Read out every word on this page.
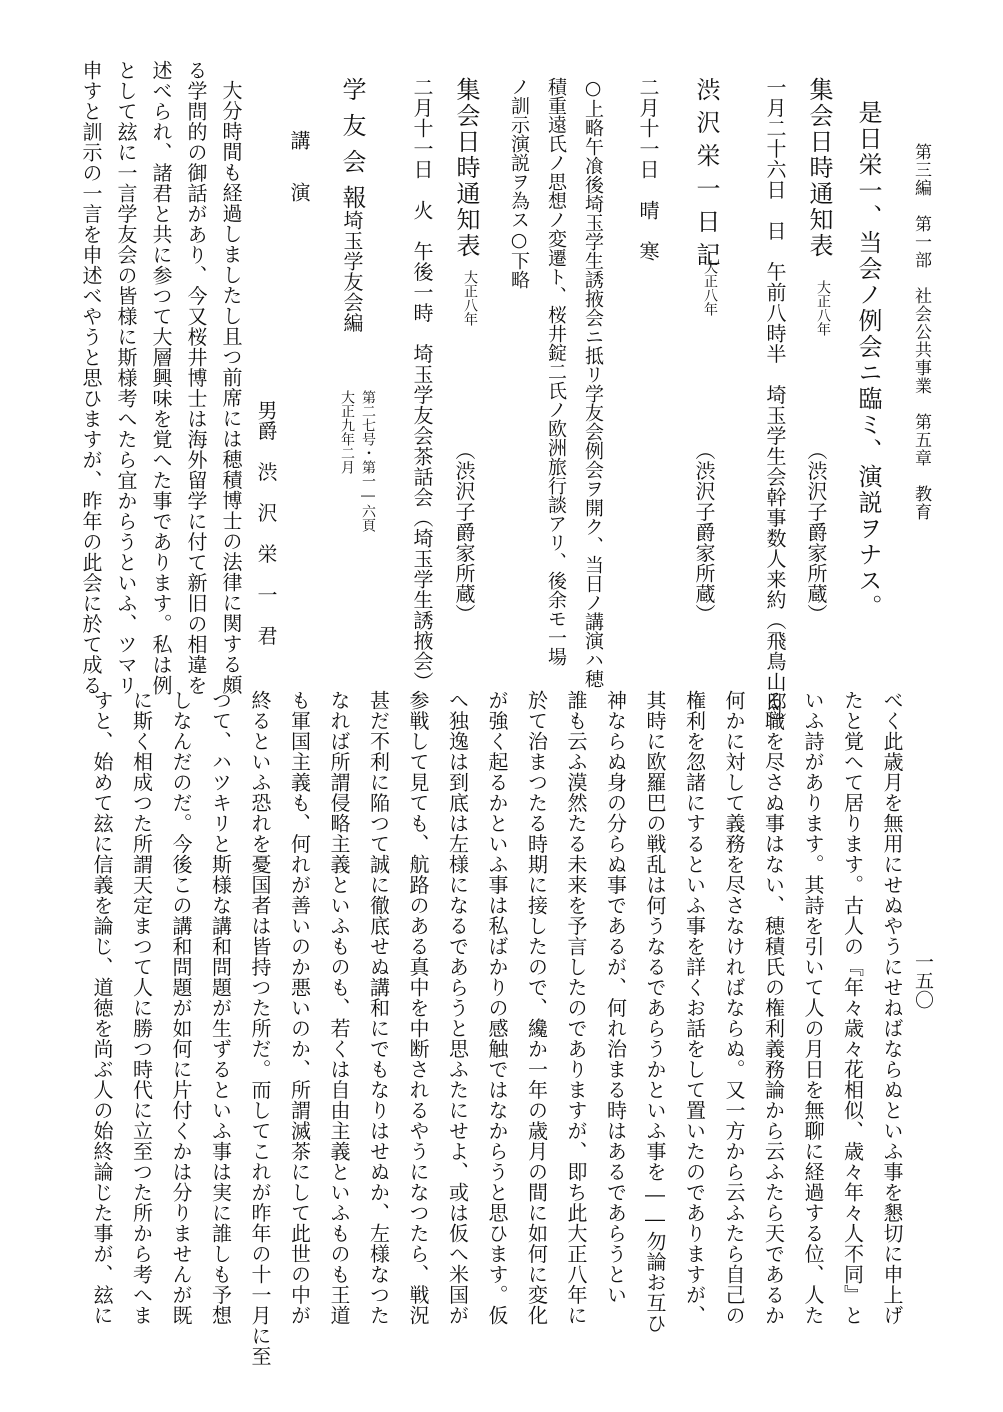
第三編　第一部　社会公共事業　第五章　教育
一五〇
是日栄一、当会ノ例会ニ臨ミ、演説ヲナス。
集会日時通知表
大正八年
（渋沢子爵家所蔵）
一月二十六日　日　午前八時半　埼玉学生会幹事数人来約（飛鳥山邸）
渋沢栄一日記
大正八年
（渋沢子爵家所蔵）
二月十一日　晴　寒
○上略午飡後埼玉学生誘掖会ニ抵リ学友会例会ヲ開ク、当日ノ講演ハ穂
積重遠氏ノ思想ノ変遷ト、桜井錠二氏ノ欧洲旅行談アリ、後余モ一場
ノ訓示演説ヲ為ス○下略
集会日時通知表
大正八年
（渋沢子爵家所蔵）
二月十一日　火　午後一時　埼玉学友会茶話会（埼玉学生誘掖会）
学友会報
埼玉学友会編
第二七号・第一―六頁
大正九年二月
講　演
男爵　渋　沢　栄　一　君
大分時間も経過しましたし且つ前席には穂積博士の法律に関する頗
る学問的の御話があり、今又桜井博士は海外留学に付て新旧の相違を
述べられ、諸君と共に参つて大層興味を覚へた事であります。私は例
として玆に一言学友会の皆様に斯様考へたら宜からうといふ、ツマリ
申すと訓示の一言を申述べやうと思ひますが、昨年の此会に於て成る
べく此歳月を無用にせぬやうにせねばならぬといふ事を懇切に申上げ
たと覚へて居ります。古人の『年々歳々花相似、歳々年々人不同』と
いふ詩があります。其詩を引いて人の月日を無聊に経過する位、人た
る職を尽さぬ事はない、穂積氏の権利義務論から云ふたら天であるか
何かに対して義務を尽さなければならぬ。又一方から云ふたら自己の
権利を忽諸にするといふ事を詳くお話をして置いたのでありますが、
其時に欧羅巴の戦乱は何うなるであらうかといふ事を――勿論お互ひ
神ならぬ身の分らぬ事であるが、何れ治まる時はあるであらうとい
誰も云ふ漠然たる未来を予言したのでありますが、即ち此大正八年に
於て治まつたる時期に接したので、纔か一年の歳月の間に如何に変化
が強く起るかといふ事は私ばかりの感触ではなからうと思ひます。仮
へ独逸は到底は左様になるであらうと思ふたにせよ、或は仮へ米国が
参戦して見ても、航路のある真中を中断されるやうになつたら、戦況
甚だ不利に陥つて誠に徹底せぬ講和にでもなりはせぬか、左様なつた
なれば所謂侵略主義といふものも、若くは自由主義といふものも王道
も軍国主義も、何れが善いのか悪いのか、所謂滅茶にして此世の中が
終るといふ恐れを憂国者は皆持つた所だ。而してこれが昨年の十一月に至
つて、ハツキリと斯様な講和問題が生ずるといふ事は実に誰しも予想
しなんだのだ。今後この講和問題が如何に片付くかは分りませんが既
に斯く相成つた所謂天定まつて人に勝つ時代に立至つた所から考へま
すと、始めて玆に信義を論じ、道徳を尚ぶ人の始終論じた事が、玆に
